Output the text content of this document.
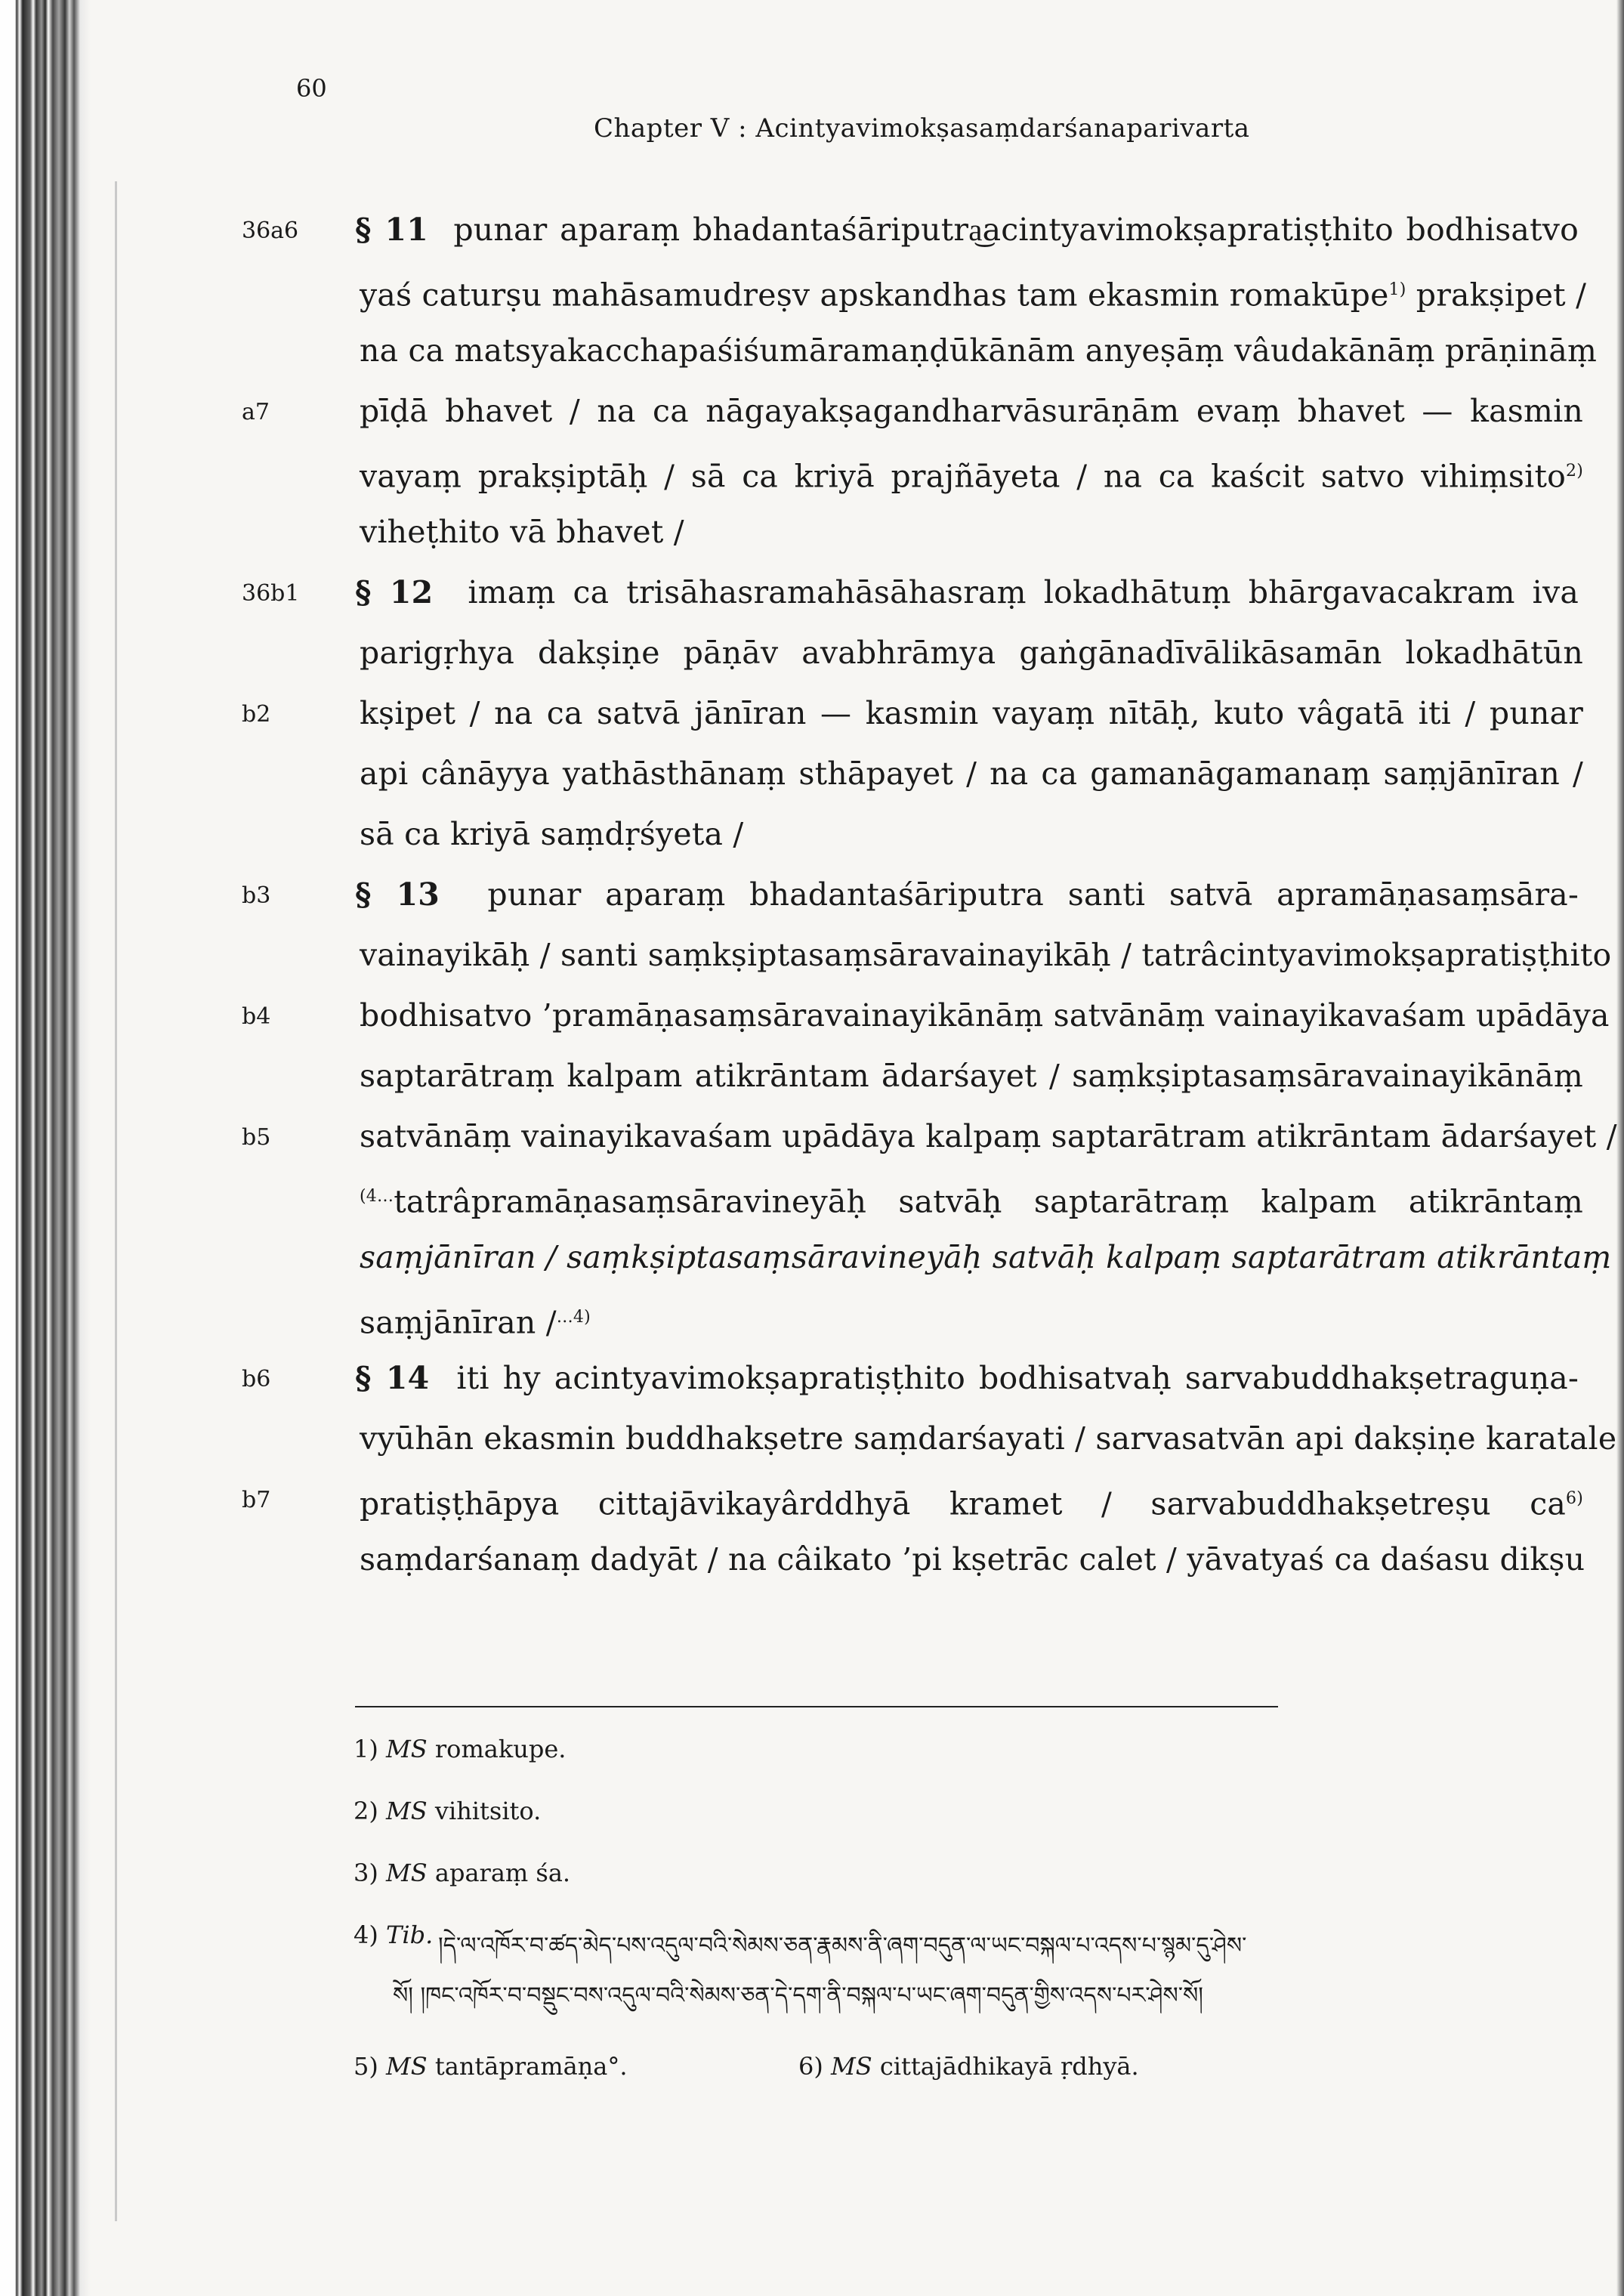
60
Chapter V : Acintyavimokṣasaṃdarśanaparivarta
36a6 § 11 punar aparaṃ bhadantaśāriputra͜acintyavimokṣapratiṣṭhito bodhisatvo
yaś caturṣu mahāsamudreṣv apskandhas tam ekasmin romakūpe$^{1)}$ prakṣipet /
na ca matsyakacchapaśiśumāramaṇḍūkānām anyeṣāṃ vâudakānāṃ prāṇināṃ
a7	pīḍā bhavet / na ca nāgayakṣagandharvāsurāṇām evaṃ bhavet — kasmin
vayaṃ prakṣiptāḥ / sā ca kriyā prajñāyeta / na ca kaścit satvo vihiṃsito$^{2)}$
viheṭhito vā bhavet /
36b1 § 12 imaṃ ca trisāhasramahāsāhasraṃ lokadhātuṃ bhārgavacakram iva
parigṛhya dakṣiṇe pāṇāv avabhrāmya gaṅgānadīvālikāsamān lokadhātūn
b2	kṣipet / na ca satvā jānīran — kasmin vayaṃ nītāḥ, kuto vâgatā iti / punar
api cânāyya yathāsthānaṃ sthāpayet / na ca gamanāgamanaṃ saṃjānīran /
sā ca kriyā saṃdṛśyeta /
b3	§ 13 punar aparaṃ bhadantaśāriputra santi satvā apramāṇasaṃsāra-
vainayikāḥ / santi saṃkṣiptasaṃsāravainayikāḥ / tatrâcintyavimokṣapratiṣṭhito
b4	bodhisatvo ’pramāṇasaṃsāravainayikānāṃ satvānāṃ vainayikavaśam upādāya
saptarātraṃ kalpam atikrāntam ādarśayet / saṃkṣiptasaṃsāravainayikānāṃ
b5	satvānāṃ vainayikavaśam upādāya kalpaṃ saptarātram atikrāntam ādarśayet /
$^{(4\dots}$tatrâpramāṇasaṃsāravineyāḥ satvāḥ saptarātraṃ kalpam atikrāntaṃ
saṃjānīran / saṃkṣiptasaṃsāravineyāḥ satvāḥ kalpaṃ saptarātram atikrāntaṃ
saṃjānīran /$^{\dots 4)}$
b6	§ 14 iti hy acintyavimokṣapratiṣṭhito bodhisatvaḥ sarvabuddhakṣetraguṇa-
vyūhān ekasmin buddhakṣetre saṃdarśayati / sarvasatvān api dakṣiṇe karatale
b7	pratiṣṭhāpya cittajāvikayârddhyā kramet / sarvabuddhakṣetreṣu $ca^{6)}$
saṃdarśanaṃ dadyāt / na câikato ’pi kṣetrāc calet / yāvatyaś ca daśasu dikṣu
1) MS romakupe.
2) MS vihitsito.
3) MS aparaṃ śa.
4) Tib. །དེ་ལ་འཁོར་བ་ཚད་མེད་པས་འདུལ་བའི་སེམས་ཅན་རྣམས་ནི་ཞག་བདུན་ལ་ཡང་བསྐལ་པ་འདས་པ་སྙམ་དུ་ཤེས་
སོ། །ཁང་འཁོར་བ་བསྡུང་བས་འདུལ་བའི་སེམས་ཅན་དེ་དག་ནི་བསྐལ་པ་ཡང་ཞག་བདུན་གྱིས་འདས་པར་ཤེས་སོ།
5) MS tantāpramāṇa°.	6) MS cittajādhikayā ṛdhyā.
